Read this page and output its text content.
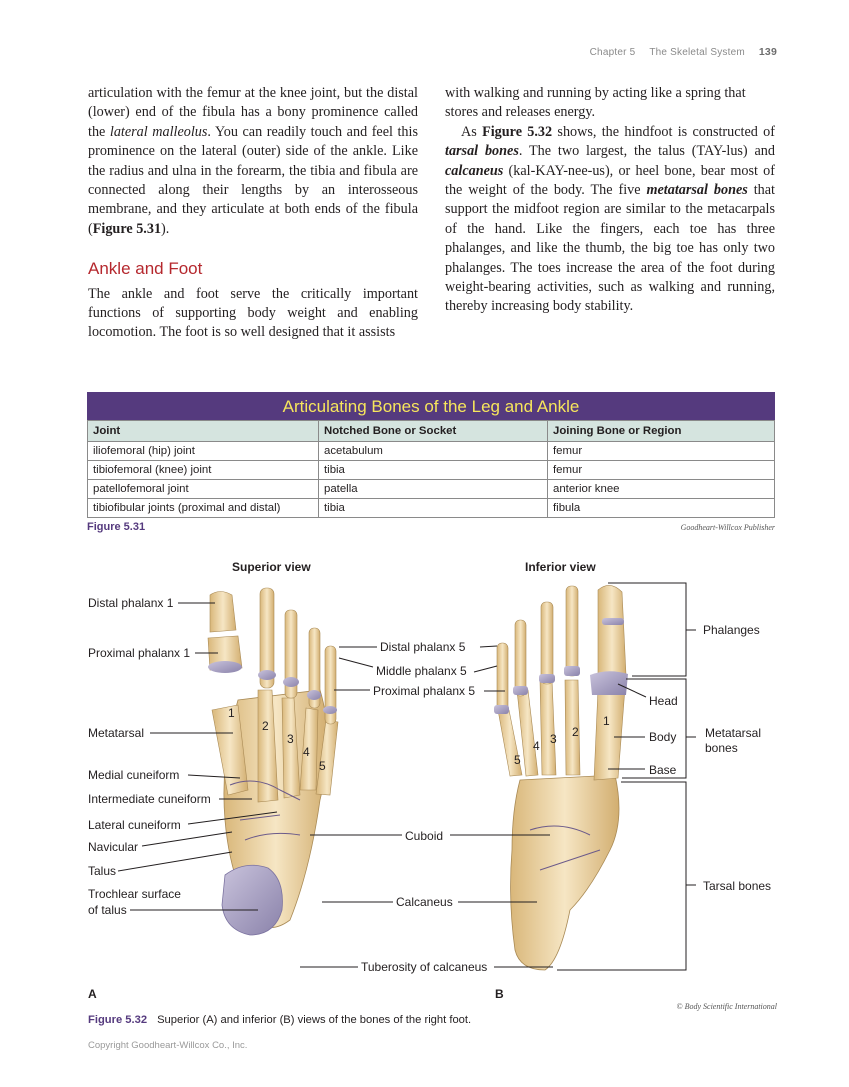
Chapter 5 The Skeletal System 139

articulation with the femur at the knee joint, but the distal (lower) end of the fibula has a bony prominence called the lateral malleolus. You can readily touch and feel this prominence on the lateral (outer) side of the ankle. Like the radius and ulna in the forearm, the tibia and fibula are connected along their lengths by an interosseous membrane, and they articulate at both ends of the fibula (Figure 5.31).

Ankle and Foot

The ankle and foot serve the critically important functions of supporting body weight and enabling locomotion. The foot is so well designed that it assists

with walking and running by acting like a spring that stores and releases energy.

As Figure 5.32 shows, the hindfoot is constructed of tarsal bones. The two largest, the talus (TAY-lus) and calcaneus (kal-KAY-nee-us), or heel bone, bear most of the weight of the body. The five metatarsal bones that support the midfoot region are similar to the metacarpals of the hand. Like the fingers, each toe has three phalanges, and like the thumb, the big toe has only two phalanges. The toes increase the area of the foot during weight-bearing activities, such as walking and running, thereby increasing body stability.

Articulating Bones of the Leg and Ankle
Joint	Notched Bone or Socket	Joining Bone or Region
iliofemoral (hip) joint	acetabulum	femur
tibiofemoral (knee) joint	tibia	femur
patellofemoral joint	patella	anterior knee
tibiofibular joints (proximal and distal)	tibia	fibula
Figure 5.31	Goodheart-Willcox Publisher
Superior view	Inferior view
Distal phalanx 1
Proximal phalanx 1
Metatarsal
Medial cuneiform
Intermediate cuneiform
Lateral cuneiform
Navicular
Talus
Trochlear surface
of talus
Distal phalanx 5
Middle phalanx 5
Proximal phalanx 5
Cuboid
Calcaneus
Tuberosity of calcaneus
Phalanges
Head
Body
Base
Metatarsal
bones
Tarsal bones
1
2
3
4
5
1
2
3
4
5
A	B
© Body Scientific International
Figure 5.32 Superior (A) and inferior (B) views of the bones of the right foot.
Copyright Goodheart-Willcox Co., Inc.
